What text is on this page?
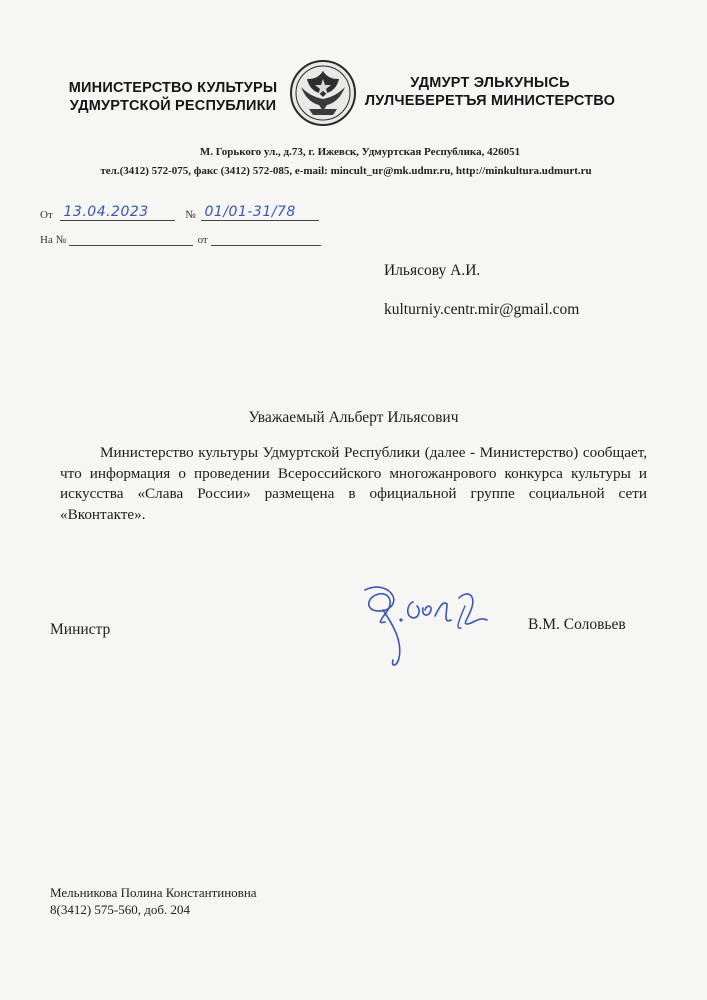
МИНИСТЕРСТВО КУЛЬТУРЫ
УДМУРТСКОЙ РЕСПУБЛИКИ
УДМУРТ ЭЛЬКУНЫСЬ
ЛУЛЧЕБЕРЕТЪЯ МИНИСТЕРСТВО
М. Горького ул., д.73, г. Ижевск, Удмуртская Республика, 426051
тел.(3412) 572-075, факс (3412) 572-085, e-mail: mincult_ur@mk.udmr.ru, http://minkultura.udmurt.ru
От 13.04.2023	№ 01/01-31/78
На №	от
Ильясову А.И.
kulturniy.centr.mir@gmail.com
Уважаемый Альберт Ильясович
Министерство культуры Удмуртской Республики (далее - Министерство) сообщает, что информация о проведении Всероссийского многожанрового конкурса культуры и искусства «Слава России» размещена в официальной группе социальной сети «Вконтакте».
Министр	В.М. Соловьев
Мельникова Полина Константиновна
8(3412) 575-560, доб. 204
